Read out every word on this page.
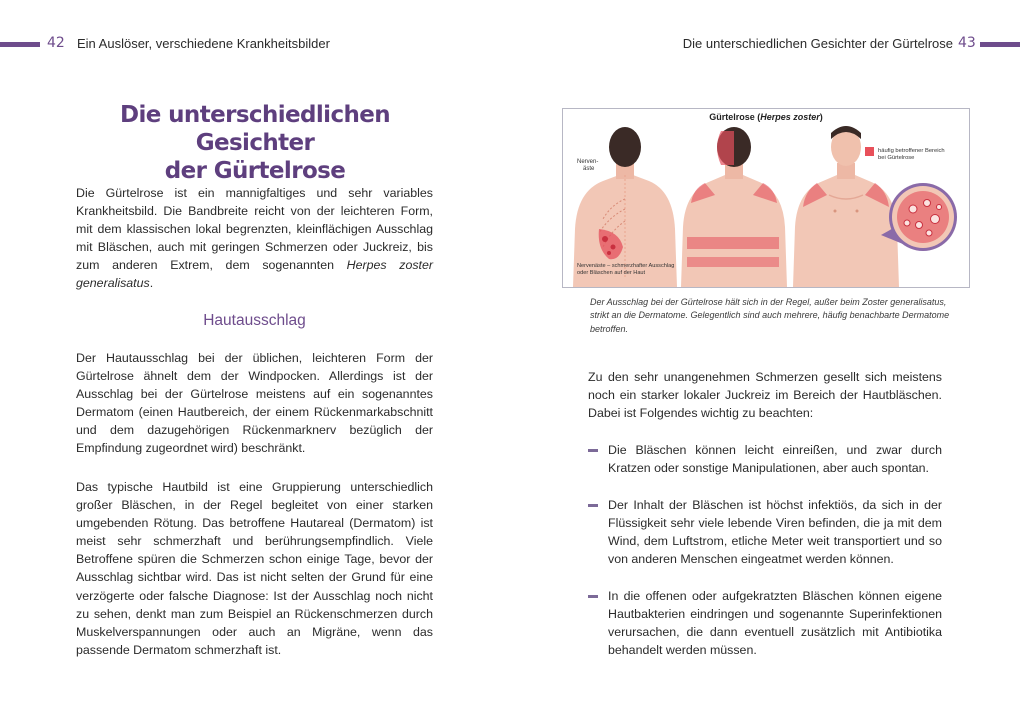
42 Ein Auslöser, verschiedene Krankheitsbilder
Die unterschiedlichen Gesichter
der Gürtelrose

Die Gürtelrose ist ein mannigfaltiges und sehr variables Krankheitsbild. Die Bandbreite reicht von der leichteren Form, mit dem klassischen lokal begrenzten, kleinflächigen Ausschlag mit Bläschen, auch mit geringen Schmerzen oder Juckreiz, bis zum anderen Extrem, dem sogenannten Herpes zoster generalisatus.

Hautausschlag

Der Hautausschlag bei der üblichen, leichteren Form der Gürtelrose ähnelt dem der Windpocken. Allerdings ist der Ausschlag bei der Gürtelrose meistens auf ein sogenanntes Dermatom (einen Hautbereich, der einem Rückenmarkabschnitt und dem dazugehörigen Rückenmarknerv bezüglich der Empfindung zugeordnet wird) beschränkt.

Das typische Hautbild ist eine Gruppierung unterschiedlich großer Bläschen, in der Regel begleitet von einer starken umgebenden Rötung. Das betroffene Hautareal (Dermatom) ist meist sehr schmerzhaft und berührungsempfindlich. Viele Betroffene spüren die Schmerzen schon einige Tage, bevor der Ausschlag sichtbar wird. Das ist nicht selten der Grund für eine verzögerte oder falsche Diagnose: Ist der Ausschlag noch nicht zu sehen, denkt man zum Beispiel an Rückenschmerzen durch Muskelverspannungen oder auch an Migräne, wenn das passende Dermatom schmerzhaft ist.

Die unterschiedlichen Gesichter der Gürtelrose 43
Gürtelrose (Herpes zoster)
Nerven-
äste
Nervenäste – schmerzhafter Ausschlag
oder Bläschen auf der Haut
häufig betroffener Bereich
bei Gürtelrose

Der Ausschlag bei der Gürtelrose hält sich in der Regel, außer beim Zoster generalisatus, strikt an die Dermatome. Gelegentlich sind auch mehrere, häufig benachbarte Dermatome betroffen.

Zu den sehr unangenehmen Schmerzen gesellt sich meistens noch ein starker lokaler Juckreiz im Bereich der Hautbläschen. Dabei ist Folgendes wichtig zu beachten:

Die Bläschen können leicht einreißen, und zwar durch Kratzen oder sonstige Manipulationen, aber auch spontan.
Der Inhalt der Bläschen ist höchst infektiös, da sich in der Flüssigkeit sehr viele lebende Viren befinden, die ja mit dem Wind, dem Luftstrom, etliche Meter weit transportiert und so von anderen Menschen eingeatmet werden können.
In die offenen oder aufgekratzten Bläschen können eigene Hautbakterien eindringen und sogenannte Superinfektionen verursachen, die dann eventuell zusätzlich mit Antibiotika behandelt werden müssen.
